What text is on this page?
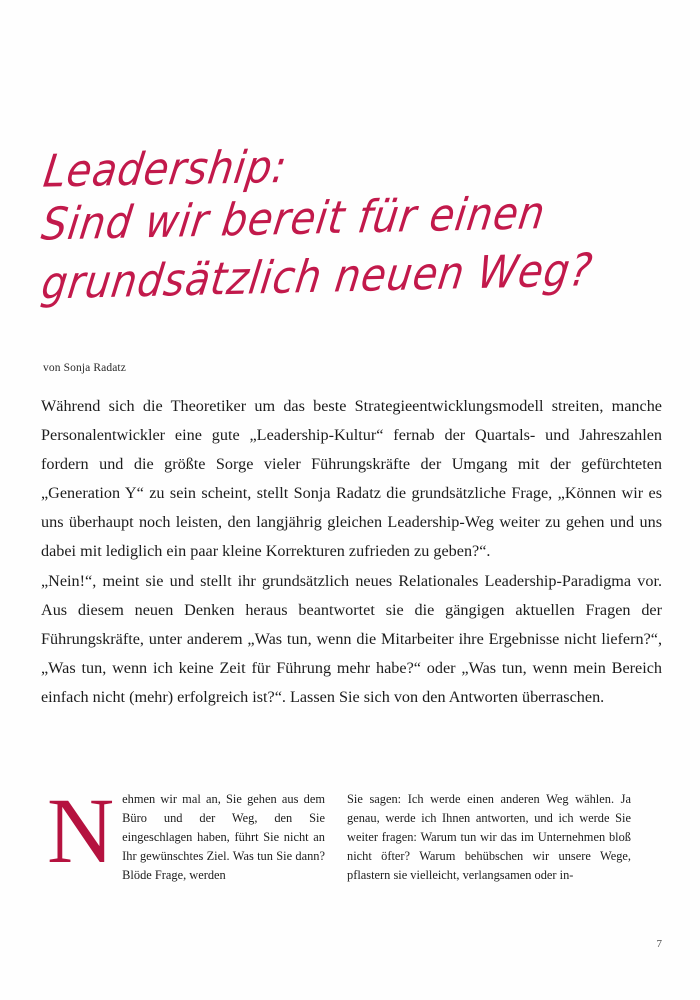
Leadership:
Sind wir bereit für einen
grundsätzlich neuen Weg?
von Sonja Radatz

Während sich die Theoretiker um das beste Strategieentwicklungsmodell streiten, manche Personalentwickler eine gute „Leadership-Kultur“ fernab der Quartals- und Jahreszahlen fordern und die größte Sorge vieler Führungskräfte der Umgang mit der gefürchteten „Generation Y“ zu sein scheint, stellt Sonja Radatz die grundsätzliche Frage, „Können wir es uns überhaupt noch leisten, den langjährig gleichen Leadership-Weg weiter zu gehen und uns dabei mit lediglich ein paar kleine Korrekturen zufrieden zu geben?“.

„Nein!“, meint sie und stellt ihr grundsätzlich neues Relationales Leadership-Paradigma vor. Aus diesem neuen Denken heraus beantwortet sie die gängigen aktuellen Fragen der Führungskräfte, unter anderem „Was tun, wenn die Mitarbeiter ihre Ergebnisse nicht liefern?“, „Was tun, wenn ich keine Zeit für Führung mehr habe?“ oder „Was tun, wenn mein Bereich einfach nicht (mehr) erfolgreich ist?“. Lassen Sie sich von den Antworten überraschen.

N ehmen wir mal an, Sie gehen aus dem Büro und der Weg, den Sie eingeschlagen haben, führt Sie nicht an Ihr gewünschtes Ziel. Was tun Sie dann? Blöde Frage, werden

Sie sagen: Ich werde einen anderen Weg wählen. Ja genau, werde ich Ihnen antworten, und ich werde Sie weiter fragen: Warum tun wir das im Unternehmen bloß nicht öfter? Warum behübschen wir unsere Wege, pflastern sie vielleicht, verlangsamen oder in-

7
